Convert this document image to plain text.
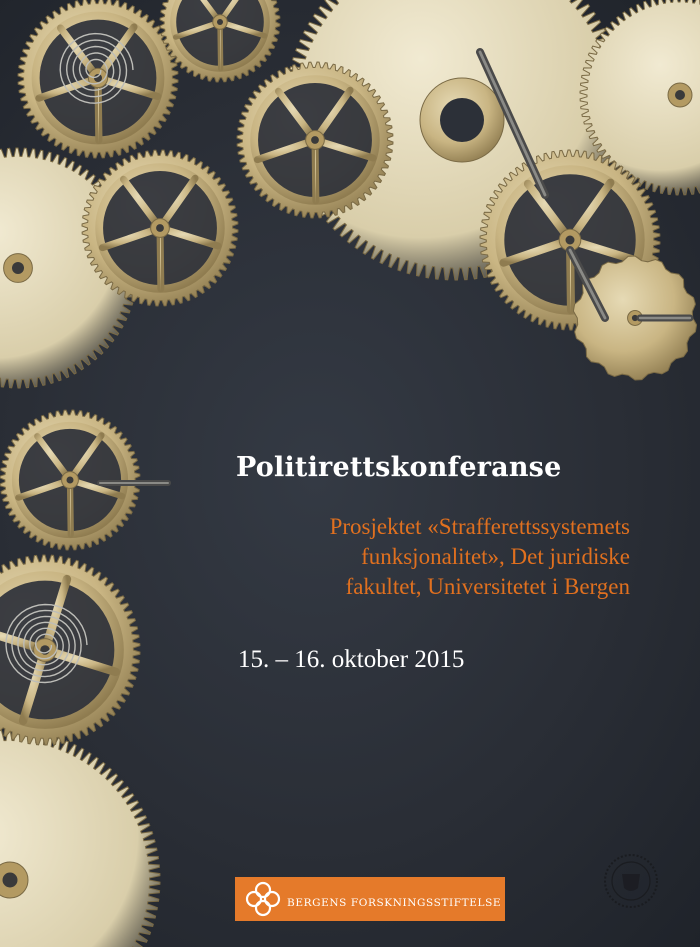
Politirettskonferanse
Prosjektet «Strafferettssystemets
funksjonalitet», Det juridiske
fakultet, Universitetet i Bergen
15. – 16. oktober 2015
BERGENS FORSKNINGSSTIFTELSE
